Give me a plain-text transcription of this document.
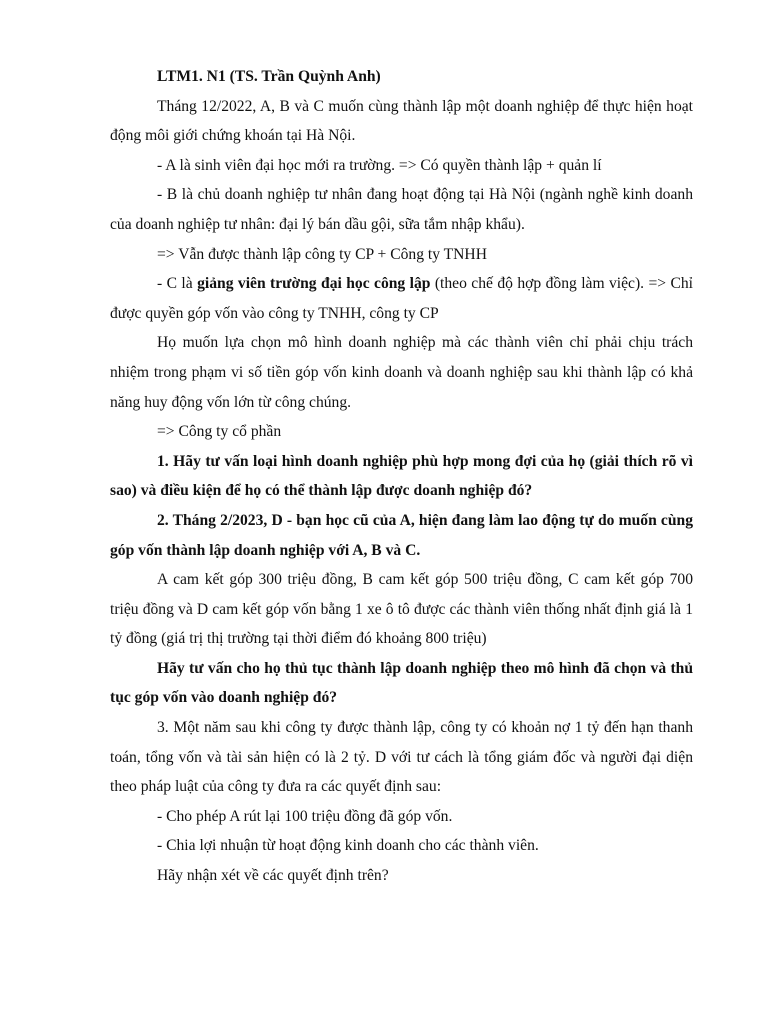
LTM1. N1 (TS. Trần Quỳnh Anh)

Tháng 12/2022, A, B và C muốn cùng thành lập một doanh nghiệp để thực hiện hoạt động môi giới chứng khoán tại Hà Nội.

- A là sinh viên đại học mới ra trường. => Có quyền thành lập + quản lí

- B là chủ doanh nghiệp tư nhân đang hoạt động tại Hà Nội (ngành nghề kinh doanh của doanh nghiệp tư nhân: đại lý bán dầu gội, sữa tắm nhập khẩu).

=> Vẫn được thành lập công ty CP + Công ty TNHH

- C là giảng viên trường đại học công lập (theo chế độ hợp đồng làm việc). => Chỉ được quyền góp vốn vào công ty TNHH, công ty CP

Họ muốn lựa chọn mô hình doanh nghiệp mà các thành viên chỉ phải chịu trách nhiệm trong phạm vi số tiền góp vốn kinh doanh và doanh nghiệp sau khi thành lập có khả năng huy động vốn lớn từ công chúng.

=> Công ty cổ phần

1. Hãy tư vấn loại hình doanh nghiệp phù hợp mong đợi của họ (giải thích rõ vì sao) và điều kiện để họ có thể thành lập được doanh nghiệp đó?

2. Tháng 2/2023, D - bạn học cũ của A, hiện đang làm lao động tự do muốn cùng góp vốn thành lập doanh nghiệp với A, B và C.

A cam kết góp 300 triệu đồng, B cam kết góp 500 triệu đồng, C cam kết góp 700 triệu đồng và D cam kết góp vốn bằng 1 xe ô tô được các thành viên thống nhất định giá là 1 tỷ đồng (giá trị thị trường tại thời điểm đó khoảng 800 triệu)

Hãy tư vấn cho họ thủ tục thành lập doanh nghiệp theo mô hình đã chọn và thủ tục góp vốn vào doanh nghiệp đó?

3. Một năm sau khi công ty được thành lập, công ty có khoản nợ 1 tỷ đến hạn thanh toán, tổng vốn và tài sản hiện có là 2 tỷ. D với tư cách là tổng giám đốc và người đại diện theo pháp luật của công ty đưa ra các quyết định sau:

- Cho phép A rút lại 100 triệu đồng đã góp vốn.

- Chia lợi nhuận từ hoạt động kinh doanh cho các thành viên.

Hãy nhận xét về các quyết định trên?
